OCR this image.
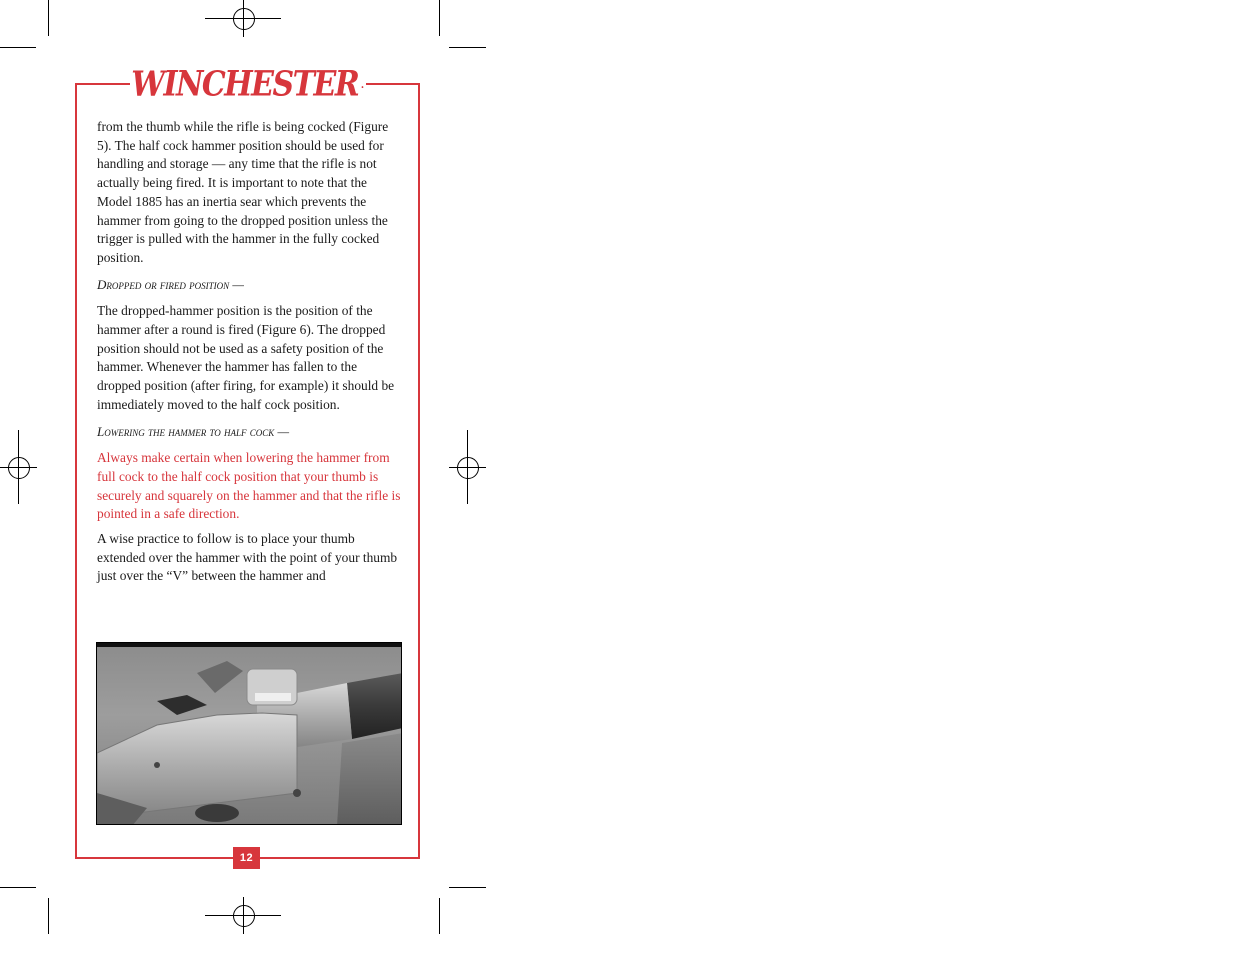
WINCHESTER .

from the thumb while the rifle is being cocked (Figure 5). The half cock hammer position should be used for handling and storage — any time that the rifle is not actually being fired. It is important to note that the Model 1885 has an inertia sear which prevents the hammer from going to the dropped position unless the trigger is pulled with the hammer in the fully cocked position.

Dropped or fired position —

The dropped-hammer position is the position of the hammer after a round is fired (Figure 6). The dropped position should not be used as a safety position of the hammer. Whenever the hammer has fallen to the dropped position (after firing, for example) it should be immediately moved to the half cock position.

Lowering the hammer to half cock —

Always make certain when lowering the hammer from full cock to the half cock position that your thumb is securely and squarely on the hammer and that the rifle is pointed in a safe direction.

A wise practice to follow is to place your thumb extended over the hammer with the point of your thumb just over the “V” between the hammer and

12
